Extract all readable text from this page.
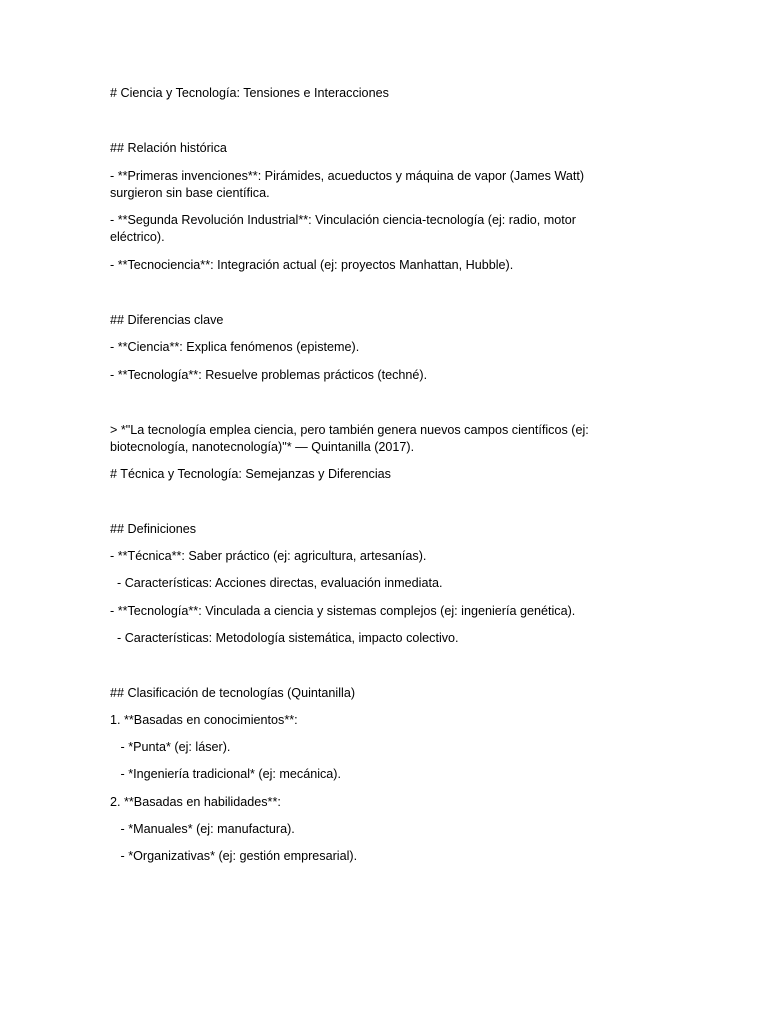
# Ciencia y Tecnología: Tensiones e Interacciones
## Relación histórica
- **Primeras invenciones**: Pirámides, acueductos y máquina de vapor (James Watt)
surgieron sin base científica.
- **Segunda Revolución Industrial**: Vinculación ciencia-tecnología (ej: radio, motor
eléctrico).
- **Tecnociencia**: Integración actual (ej: proyectos Manhattan, Hubble).
## Diferencias clave
- **Ciencia**: Explica fenómenos (episteme).
- **Tecnología**: Resuelve problemas prácticos (techné).
> *"La tecnología emplea ciencia, pero también genera nuevos campos científicos (ej:
biotecnología, nanotecnología)"* — Quintanilla (2017).
# Técnica y Tecnología: Semejanzas y Diferencias
## Definiciones
- **Técnica**: Saber práctico (ej: agricultura, artesanías).
- Características: Acciones directas, evaluación inmediata.
- **Tecnología**: Vinculada a ciencia y sistemas complejos (ej: ingeniería genética).
- Características: Metodología sistemática, impacto colectivo.
## Clasificación de tecnologías (Quintanilla)
1. **Basadas en conocimientos**:
- *Punta* (ej: láser).
- *Ingeniería tradicional* (ej: mecánica).
2. **Basadas en habilidades**:
- *Manuales* (ej: manufactura).
- *Organizativas* (ej: gestión empresarial).
